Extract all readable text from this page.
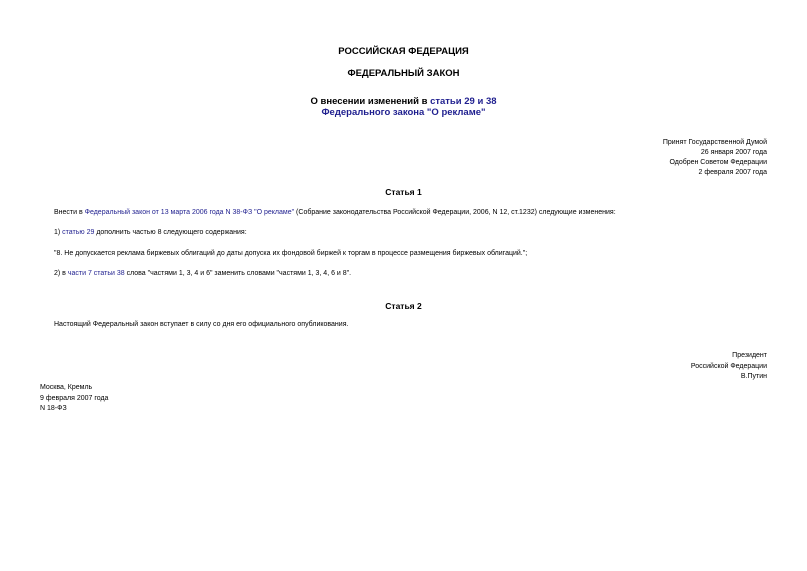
РОССИЙСКАЯ ФЕДЕРАЦИЯ
ФЕДЕРАЛЬНЫЙ ЗАКОН
О внесении изменений в статьи 29 и 38
Федерального закона "О рекламе"
Принят Государственной Думой
26 января 2007 года
Одобрен Советом Федерации
2 февраля 2007 года
Статья 1
Внести в Федеральный закон от 13 марта 2006 года N 38-ФЗ "О рекламе" (Собрание законодательства Российской Федерации, 2006, N 12, ст.1232) следующие изменения:
1) статью 29 дополнить частью 8 следующего содержания:
"8. Не допускается реклама биржевых облигаций до даты допуска их фондовой биржей к торгам в процессе размещения биржевых облигаций.";
2) в части 7 статьи 38 слова "частями 1, 3, 4 и 6" заменить словами "частями 1, 3, 4, 6 и 8".
Статья 2
Настоящий Федеральный закон вступает в силу со дня его официального опубликования.
Президент
Российской Федерации
В.Путин
Москва, Кремль
9 февраля 2007 года
N 18-ФЗ
